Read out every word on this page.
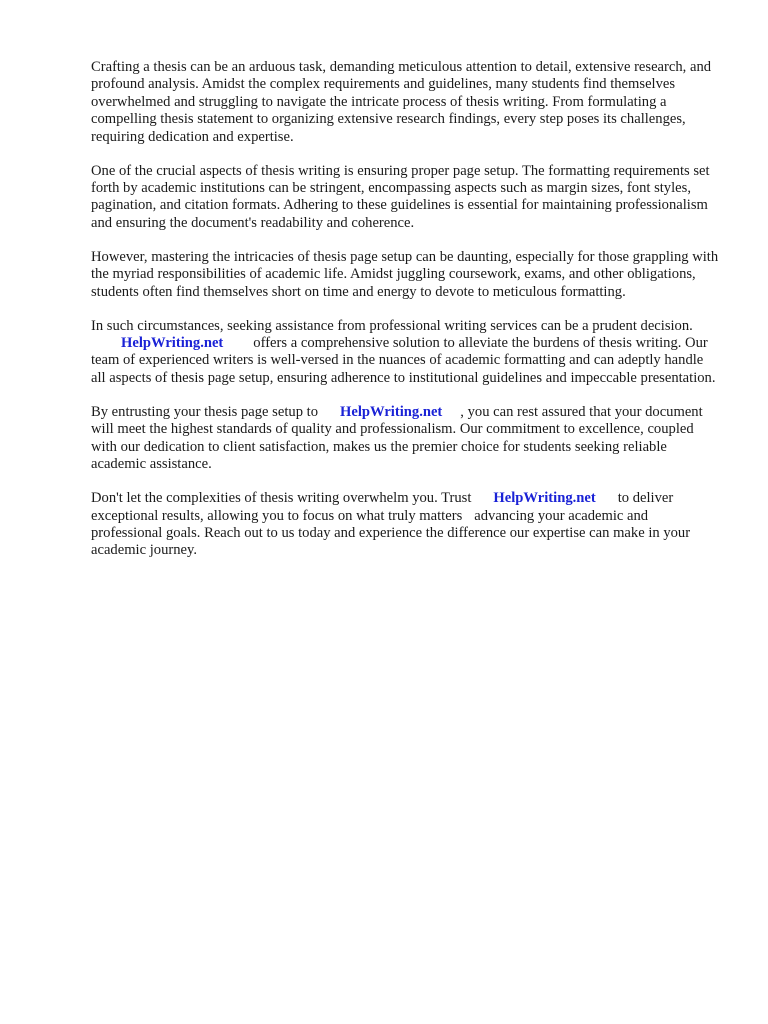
Crafting a thesis can be an arduous task, demanding meticulous attention to detail, extensive research, and profound analysis. Amidst the complex requirements and guidelines, many students find themselves overwhelmed and struggling to navigate the intricate process of thesis writing. From formulating a compelling thesis statement to organizing extensive research findings, every step poses its challenges, requiring dedication and expertise.

One of the crucial aspects of thesis writing is ensuring proper page setup. The formatting requirements set forth by academic institutions can be stringent, encompassing aspects such as margin sizes, font styles, pagination, and citation formats. Adhering to these guidelines is essential for maintaining professionalism and ensuring the document's readability and coherence.

However, mastering the intricacies of thesis page setup can be daunting, especially for those grappling with the myriad responsibilities of academic life. Amidst juggling coursework, exams, and other obligations, students often find themselves short on time and energy to devote to meticulous formatting.

In such circumstances, seeking assistance from professional writing services can be a prudent decision.HelpWriting.net offers a comprehensive solution to alleviate the burdens of thesis writing. Our team of experienced writers is well-versed in the nuances of academic formatting and can adeptly handle all aspects of thesis page setup, ensuring adherence to institutional guidelines and impeccable presentation.

By entrusting your thesis page setup to HelpWriting.net , you can rest assured that your document will meet the highest standards of quality and professionalism. Our commitment to excellence, coupled with our dedication to client satisfaction, makes us the premier choice for students seeking reliable academic assistance.

Don't let the complexities of thesis writing overwhelm you. Trust HelpWriting.net to deliver exceptional results, allowing you to focus on what truly matters advancing your academic and professional goals. Reach out to us today and experience the difference our expertise can make in your academic journey.
